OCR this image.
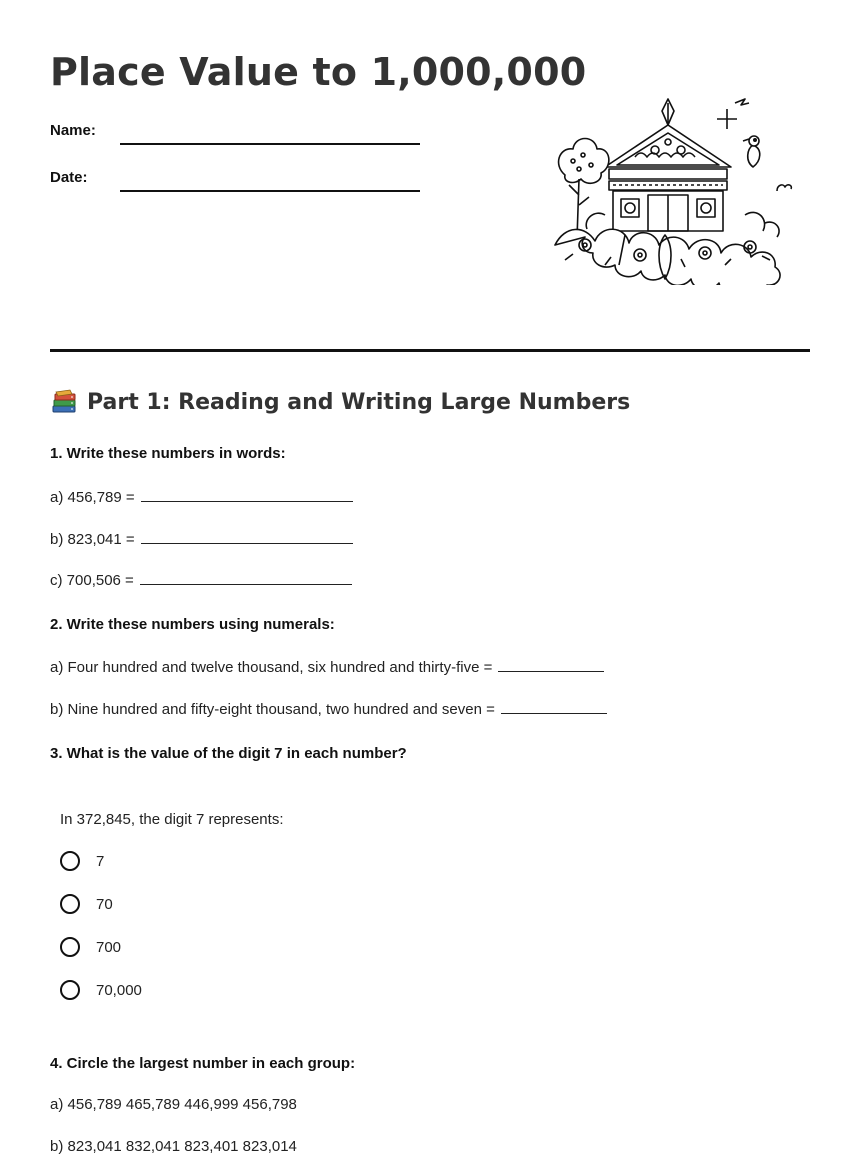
Place Value to 1,000,000
Name:
Date:
Part 1: Reading and Writing Large Numbers

1. Write these numbers in words:

a) 456,789 =
b) 823,041 =
c) 700,506 =

2. Write these numbers using numerals:

a) Four hundred and twelve thousand, six hundred and thirty-five =
b) Nine hundred and fifty-eight thousand, two hundred and seven =

3. What is the value of the digit 7 in each number?

In 372,845, the digit 7 represents:
7
70
700
70,000

4. Circle the largest number in each group:

a) 456,789 465,789 446,999 456,798
b) 823,041 832,041 823,401 823,014
